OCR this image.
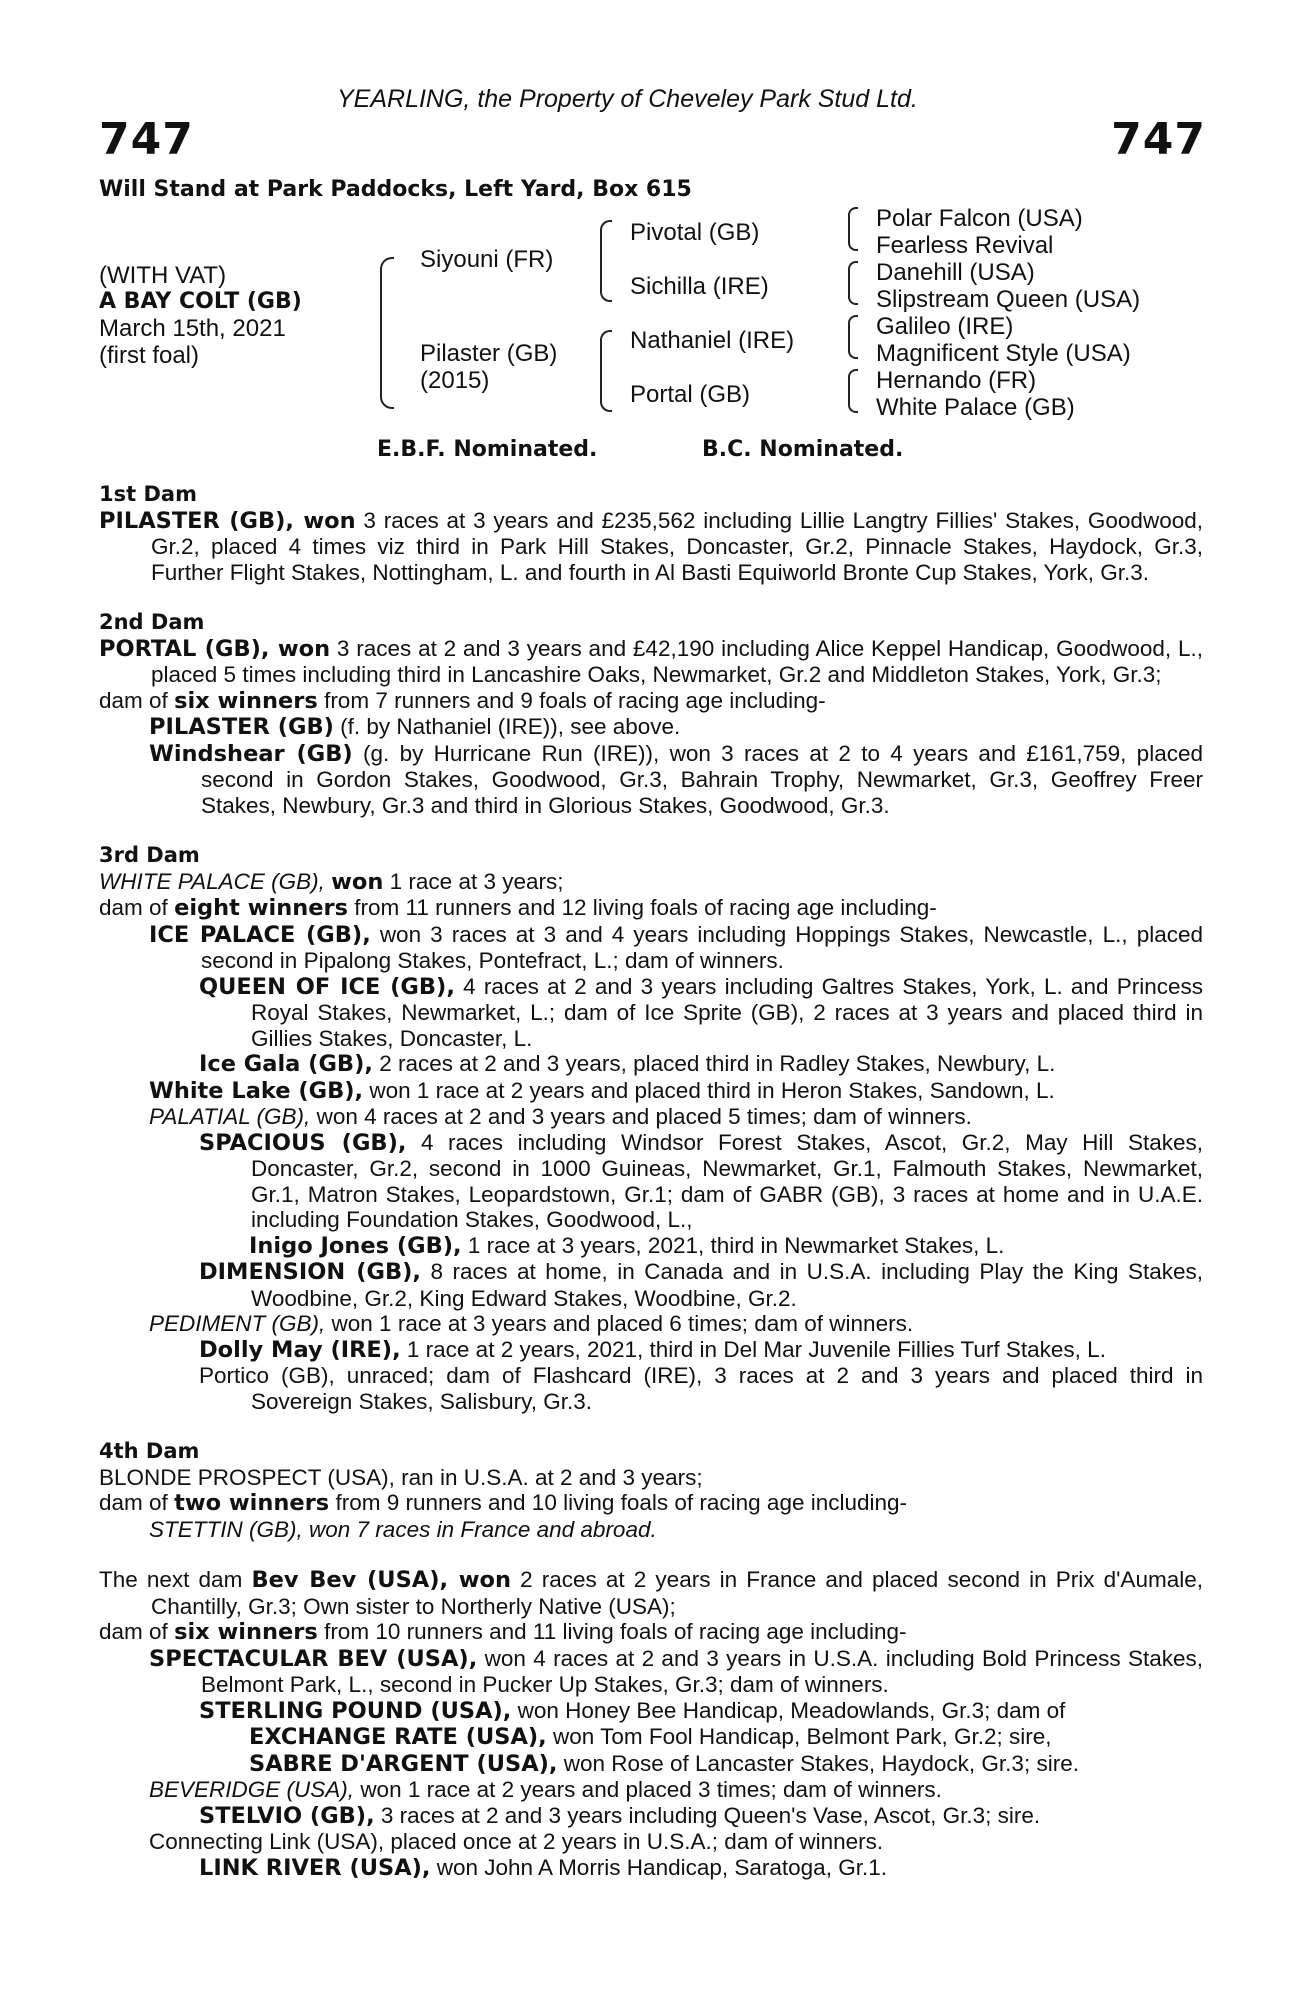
YEARLING, the Property of Cheveley Park Stud Ltd.
747	747
Will Stand at Park Paddocks, Left Yard, Box 615
(WITH VAT)
A BAY COLT (GB)
March 15th, 2021
(first foal)
Siyouni (FR)
Pilaster (GB)
(2015)
Pivotal (GB)
Sichilla (IRE)
Nathaniel (IRE)
Portal (GB)
Polar Falcon (USA)
Fearless Revival
Danehill (USA)
Slipstream Queen (USA)
Galileo (IRE)
Magnificent Style (USA)
Hernando (FR)
White Palace (GB)
E.B.F. Nominated.	B.C. Nominated.
1st Dam
PILASTER (GB), won 3 races at 3 years and £235,562 including Lillie Langtry Fillies' Stakes, Goodwood, Gr.2, placed 4 times viz third in Park Hill Stakes, Doncaster, Gr.2, Pinnacle Stakes, Haydock, Gr.3, Further Flight Stakes, Nottingham, L. and fourth in Al Basti Equiworld Bronte Cup Stakes, York, Gr.3.
2nd Dam
PORTAL (GB), won 3 races at 2 and 3 years and £42,190 including Alice Keppel Handicap, Goodwood, L., placed 5 times including third in Lancashire Oaks, Newmarket, Gr.2 and Middleton Stakes, York, Gr.3;
dam of six winners from 7 runners and 9 foals of racing age including-
PILASTER (GB) (f. by Nathaniel (IRE)), see above.
Windshear (GB) (g. by Hurricane Run (IRE)), won 3 races at 2 to 4 years and £161,759, placed second in Gordon Stakes, Goodwood, Gr.3, Bahrain Trophy, Newmarket, Gr.3, Geoffrey Freer Stakes, Newbury, Gr.3 and third in Glorious Stakes, Goodwood, Gr.3.
3rd Dam
WHITE PALACE (GB), won 1 race at 3 years;
dam of eight winners from 11 runners and 12 living foals of racing age including-
ICE PALACE (GB), won 3 races at 3 and 4 years including Hoppings Stakes, Newcastle, L., placed second in Pipalong Stakes, Pontefract, L.; dam of winners.
QUEEN OF ICE (GB), 4 races at 2 and 3 years including Galtres Stakes, York, L. and Princess Royal Stakes, Newmarket, L.; dam of Ice Sprite (GB), 2 races at 3 years and placed third in Gillies Stakes, Doncaster, L.
Ice Gala (GB), 2 races at 2 and 3 years, placed third in Radley Stakes, Newbury, L.
White Lake (GB), won 1 race at 2 years and placed third in Heron Stakes, Sandown, L.
PALATIAL (GB), won 4 races at 2 and 3 years and placed 5 times; dam of winners.
SPACIOUS (GB), 4 races including Windsor Forest Stakes, Ascot, Gr.2, May Hill Stakes, Doncaster, Gr.2, second in 1000 Guineas, Newmarket, Gr.1, Falmouth Stakes, Newmarket, Gr.1, Matron Stakes, Leopardstown, Gr.1; dam of GABR (GB), 3 races at home and in U.A.E. including Foundation Stakes, Goodwood, L.,
Inigo Jones (GB), 1 race at 3 years, 2021, third in Newmarket Stakes, L.
DIMENSION (GB), 8 races at home, in Canada and in U.S.A. including Play the King Stakes, Woodbine, Gr.2, King Edward Stakes, Woodbine, Gr.2.
PEDIMENT (GB), won 1 race at 3 years and placed 6 times; dam of winners.
Dolly May (IRE), 1 race at 2 years, 2021, third in Del Mar Juvenile Fillies Turf Stakes, L.
Portico (GB), unraced; dam of Flashcard (IRE), 3 races at 2 and 3 years and placed third in Sovereign Stakes, Salisbury, Gr.3.
4th Dam
BLONDE PROSPECT (USA), ran in U.S.A. at 2 and 3 years;
dam of two winners from 9 runners and 10 living foals of racing age including-
STETTIN (GB), won 7 races in France and abroad.
The next dam Bev Bev (USA), won 2 races at 2 years in France and placed second in Prix d'Aumale, Chantilly, Gr.3; Own sister to Northerly Native (USA);
dam of six winners from 10 runners and 11 living foals of racing age including-
SPECTACULAR BEV (USA), won 4 races at 2 and 3 years in U.S.A. including Bold Princess Stakes, Belmont Park, L., second in Pucker Up Stakes, Gr.3; dam of winners.
STERLING POUND (USA), won Honey Bee Handicap, Meadowlands, Gr.3; dam of
EXCHANGE RATE (USA), won Tom Fool Handicap, Belmont Park, Gr.2; sire,
SABRE D'ARGENT (USA), won Rose of Lancaster Stakes, Haydock, Gr.3; sire.
BEVERIDGE (USA), won 1 race at 2 years and placed 3 times; dam of winners.
STELVIO (GB), 3 races at 2 and 3 years including Queen's Vase, Ascot, Gr.3; sire.
Connecting Link (USA), placed once at 2 years in U.S.A.; dam of winners.
LINK RIVER (USA), won John A Morris Handicap, Saratoga, Gr.1.
